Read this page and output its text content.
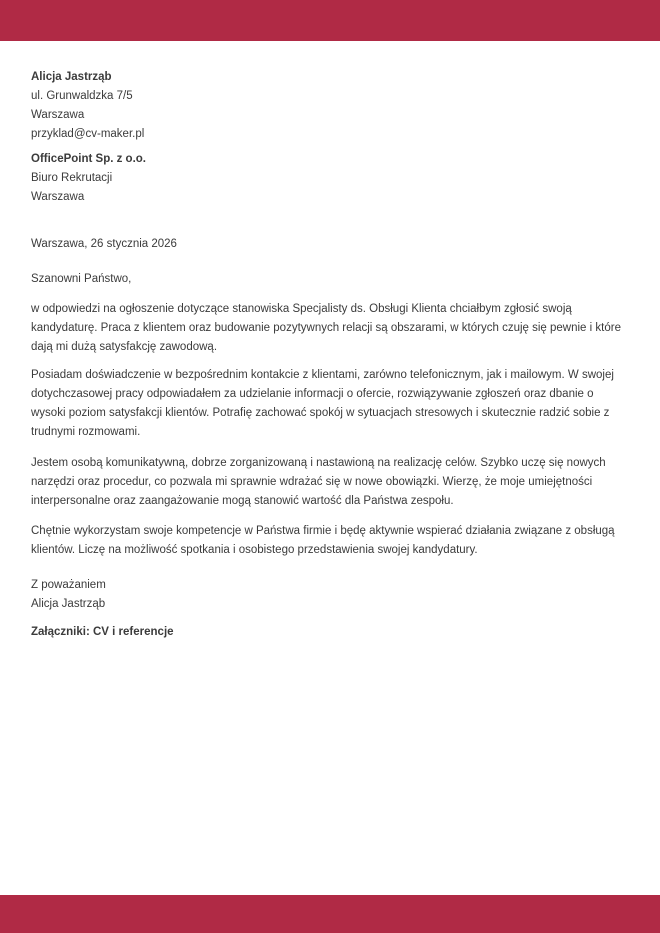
Alicja Jastrząb
ul. Grunwaldzka 7/5
Warszawa
przyklad@cv-maker.pl
OfficePoint Sp. z o.o.
Biuro Rekrutacji
Warszawa
Warszawa, 26 stycznia 2026
Szanowni Państwo,

w odpowiedzi na ogłoszenie dotyczące stanowiska Specjalisty ds. Obsługi Klienta chciałbym zgłosić swoją kandydaturę. Praca z klientem oraz budowanie pozytywnych relacji są obszarami, w których czuję się pewnie i które dają mi dużą satysfakcję zawodową.

Posiadam doświadczenie w bezpośrednim kontakcie z klientami, zarówno telefonicznym, jak i mailowym. W swojej dotychczasowej pracy odpowiadałem za udzielanie informacji o ofercie, rozwiązywanie zgłoszeń oraz dbanie o wysoki poziom satysfakcji klientów. Potrafię zachować spokój w sytuacjach stresowych i skutecznie radzić sobie z trudnymi rozmowami.

Jestem osobą komunikatywną, dobrze zorganizowaną i nastawioną na realizację celów. Szybko uczę się nowych narzędzi oraz procedur, co pozwala mi sprawnie wdrażać się w nowe obowiązki. Wierzę, że moje umiejętności interpersonalne oraz zaangażowanie mogą stanowić wartość dla Państwa zespołu.

Chętnie wykorzystam swoje kompetencje w Państwa firmie i będę aktywnie wspierać działania związane z obsługą klientów. Liczę na możliwość spotkania i osobistego przedstawienia swojej kandydatury.

Z poważaniem
Alicja Jastrząb
Załączniki: CV i referencje
